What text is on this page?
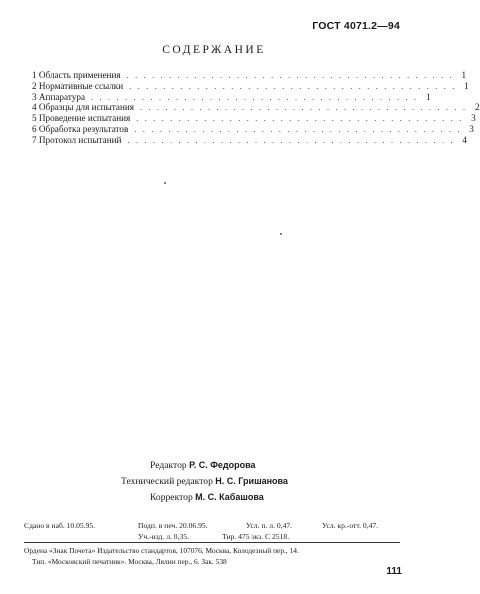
ГОСТ 4071.2—94
СОДЕРЖАНИЕ
1 Область применения ....................................... 1
2 Нормативные ссылки ....................................... 1
3 Аппаратура ....................................... 1
4 Образцы для испытания ....................................... 2
5 Проведение испытания ....................................... 3
6 Обработка результатов ....................................... 3
7 Протокол испытаний ....................................... 4
Редактор Р. С. Федорова
Технический редактор Н. С. Гришанова
Корректор М. С. Кабашова
Сдано в наб. 10.05.95.	Подп. в печ. 20.06.95.	Усл. п. л. 0,47.	Усл. кр.-отт. 0,47.
Уч.-изд. л. 0,35.	Тир. 475 экз. С 2518.
Ордена «Знак Почета» Издательство стандартов, 107076, Москва, Колодезный пер., 14.
Тип. «Московский печатник». Москва, Лялин пер., 6. Зак. 538
111
